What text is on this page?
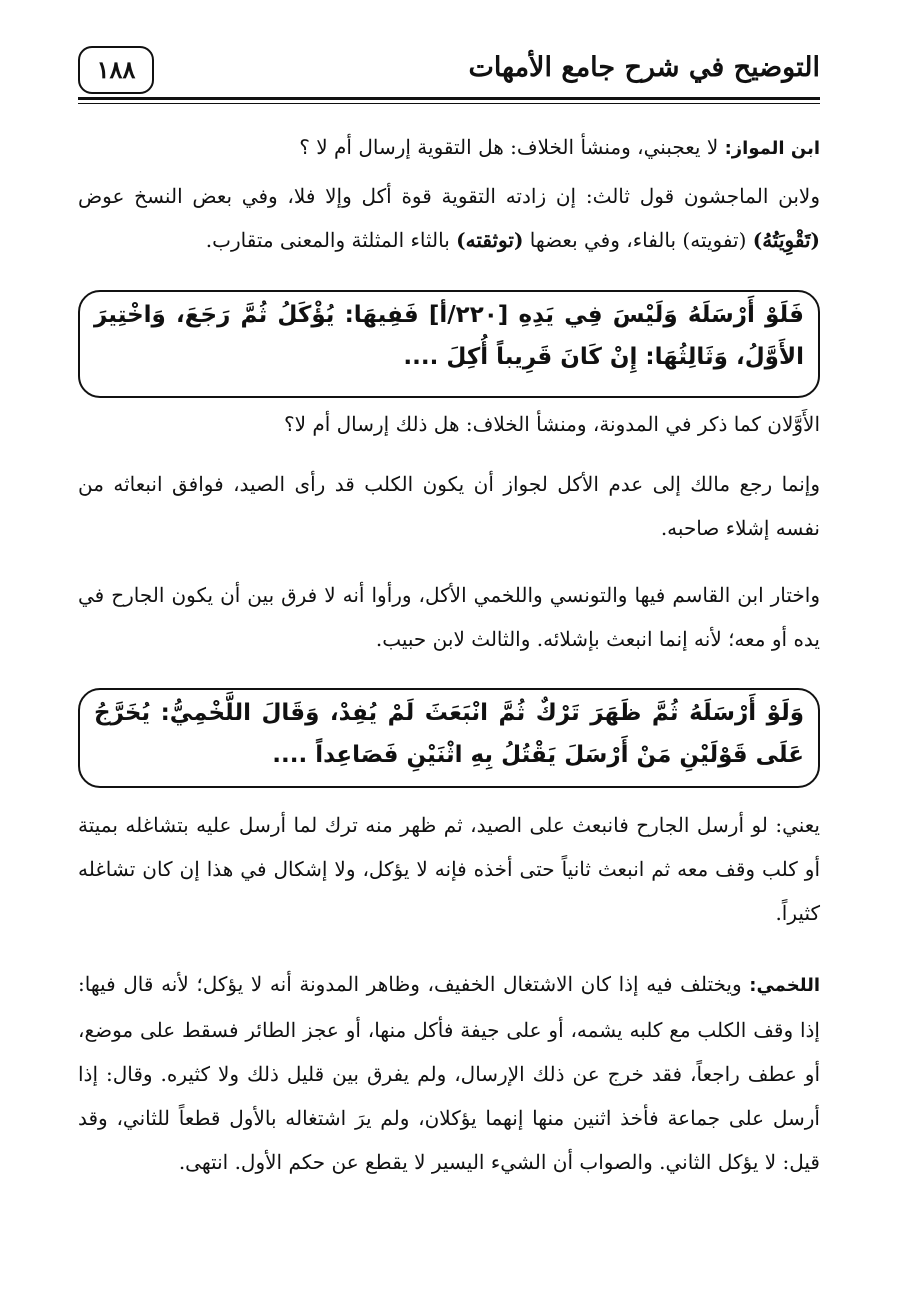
١٨٨	التوضيح في شرح جامع الأمهات
ابن المواز: لا يعجبني، ومنشأ الخلاف: هل التقوية إرسال أم لا ؟
ولابن الماجشون قول ثالث: إن زادته التقوية قوة أكل وإلا فلا، وفي بعض النسخ عوض (تَقْوِيَتُهُ) (تفويته) بالفاء، وفي بعضها (توثقته) بالثاء المثلثة والمعنى متقارب.
فَلَوْ أَرْسَلَهُ وَلَيْسَ فِي يَدِهِ [٢٢٠/أ] فَفِيهَا: يُؤْكَلُ ثُمَّ رَجَعَ، وَاخْتِيرَ الأَوَّلُ، وَثَالِثُهَا: إِنْ كَانَ قَرِيباً أُكِلَ ....
الأَوَّلان كما ذكر في المدونة، ومنشأ الخلاف: هل ذلك إرسال أم لا؟
وإنما رجع مالك إلى عدم الأكل لجواز أن يكون الكلب قد رأى الصيد، فوافق انبعاثه من نفسه إشلاء صاحبه.
واختار ابن القاسم فيها والتونسي واللخمي الأكل، ورأوا أنه لا فرق بين أن يكون الجارح في يده أو معه؛ لأنه إنما انبعث بإشلائه. والثالث لابن حبيب.
وَلَوْ أَرْسَلَهُ ثُمَّ ظَهَرَ تَرْكٌ ثُمَّ انْبَعَثَ لَمْ يُفِدْ، وَقَالَ اللَّخْمِيُّ: يُخَرَّجُ عَلَى قَوْلَيْنِ مَنْ أَرْسَلَ يَقْتُلُ بِهِ اثْنَيْنِ فَصَاعِداً ....
يعني: لو أرسل الجارح فانبعث على الصيد، ثم ظهر منه ترك لما أرسل عليه بتشاغله بميتة أو كلب وقف معه ثم انبعث ثانياً حتى أخذه فإنه لا يؤكل، ولا إشكال في هذا إن كان تشاغله كثيراً.
اللخمي: ويختلف فيه إذا كان الاشتغال الخفيف، وظاهر المدونة أنه لا يؤكل؛ لأنه قال فيها: إذا وقف الكلب مع كلبه يشمه، أو على جيفة فأكل منها، أو عجز الطائر فسقط على موضع، أو عطف راجعاً، فقد خرج عن ذلك الإرسال، ولم يفرق بين قليل ذلك ولا كثيره. وقال: إذا أرسل على جماعة فأخذ اثنين منها إنهما يؤكلان، ولم يرَ اشتغاله بالأول قطعاً للثاني، وقد قيل: لا يؤكل الثاني. والصواب أن الشيء اليسير لا يقطع عن حكم الأول. انتهى.
